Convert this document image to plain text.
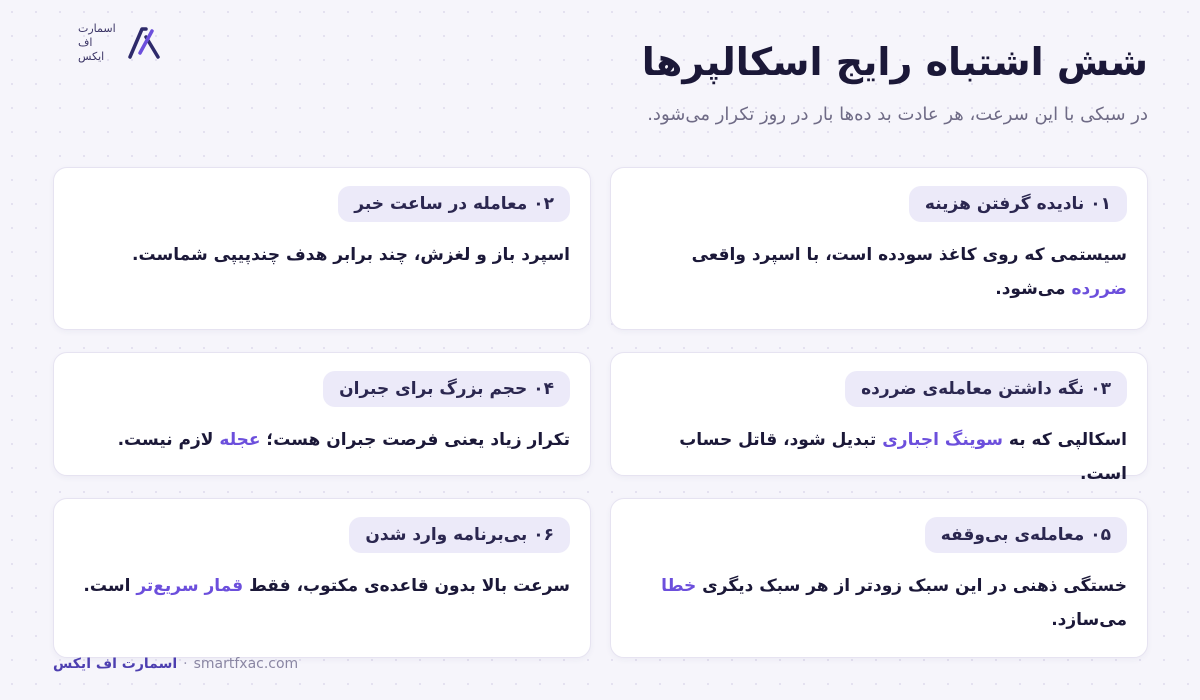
اسمارت
اف
ایکس	شش اشتباه رایج اسکالپرها

در سبکی با این سرعت، هر عادت بد ده‌ها بار در روز تکرار می‌شود.

۰۱ نادیده گرفتن هزینه

سیستمی که روی کاغذ سودده است، با اسپرد واقعی ضررده می‌شود.

۰۲ معامله در ساعت خبر

اسپرد باز و لغزش، چند برابر هدف چندپیپی شماست.

۰۳ نگه داشتن معامله‌ی ضررده

اسکالپی که به سوینگ اجباری تبدیل شود، قاتل حساب است.

۰۴ حجم بزرگ برای جبران

تکرار زیاد یعنی فرصت جبران هست؛ عجله لازم نیست.

۰۵ معامله‌ی بی‌وقفه

خستگی ذهنی در این سبک زودتر از هر سبک دیگری خطا می‌سازد.

۰۶ بی‌برنامه وارد شدن

سرعت بالا بدون قاعده‌ی مکتوب، فقط قمار سریع‌تر است.

اسمارت اف ایکس · smartfxac.com
